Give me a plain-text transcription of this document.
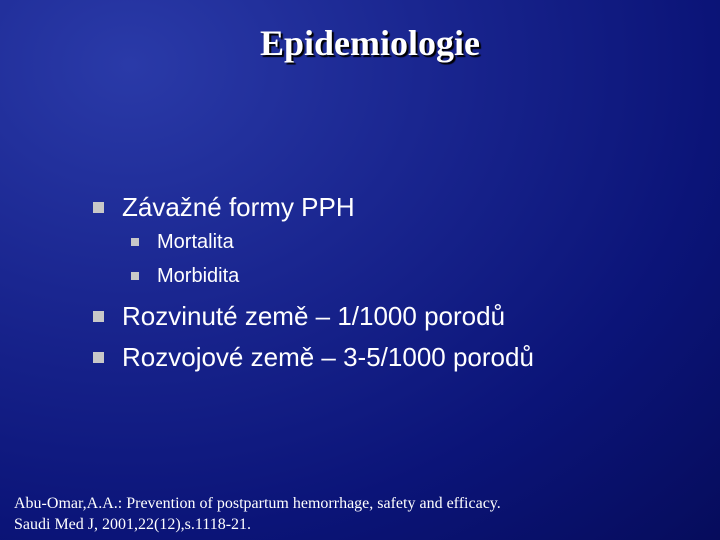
Epidemiologie
Závažné formy PPH
Mortalita
Morbidita
Rozvinuté země – 1/1000 porodů
Rozvojové země – 3-5/1000 porodů
Abu-Omar,A.A.: Prevention of postpartum hemorrhage, safety and efficacy.
Saudi Med J, 2001,22(12),s.1118-21.
